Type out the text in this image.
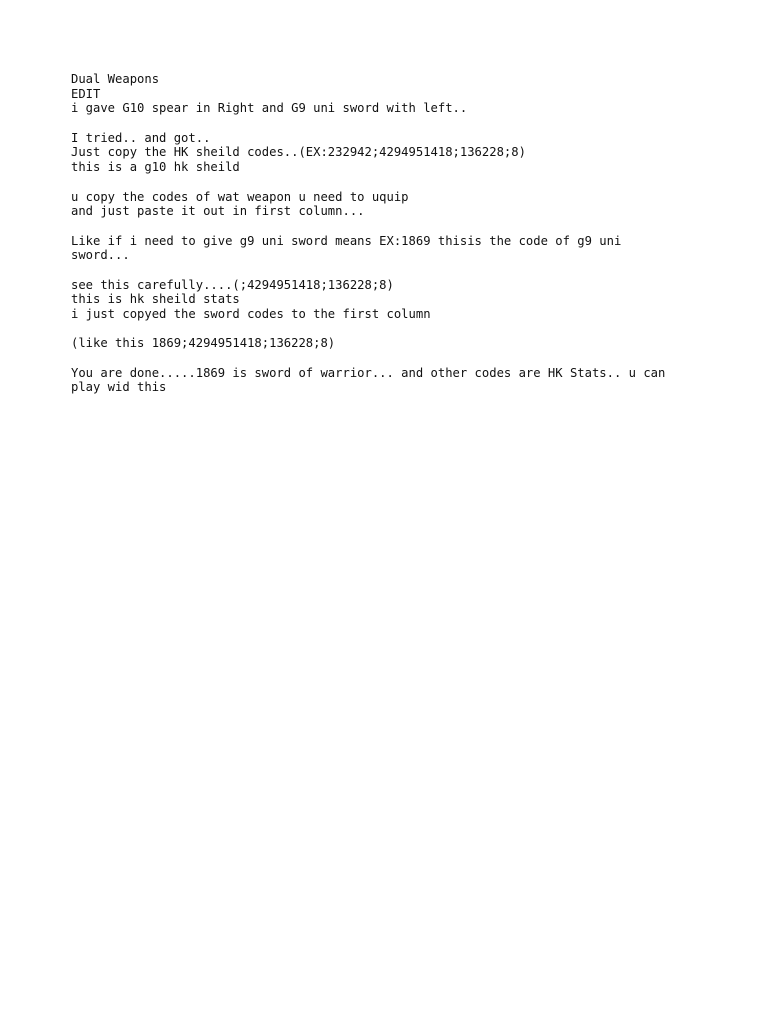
Dual Weapons
EDIT
i gave G10 spear in Right and G9 uni sword with left..
I tried.. and got..
Just copy the HK sheild codes..(EX:232942;4294951418;136228;8)
this is a g10 hk sheild
u copy the codes of wat weapon u need to uquip
and just paste it out in first column...
Like if i need to give g9 uni sword means EX:1869 thisis the code of g9 uni
sword...
see this carefully....(;4294951418;136228;8)
this is hk sheild stats
i just copyed the sword codes to the first column
(like this 1869;4294951418;136228;8)
You are done.....1869 is sword of warrior... and other codes are HK Stats.. u can
play wid this
